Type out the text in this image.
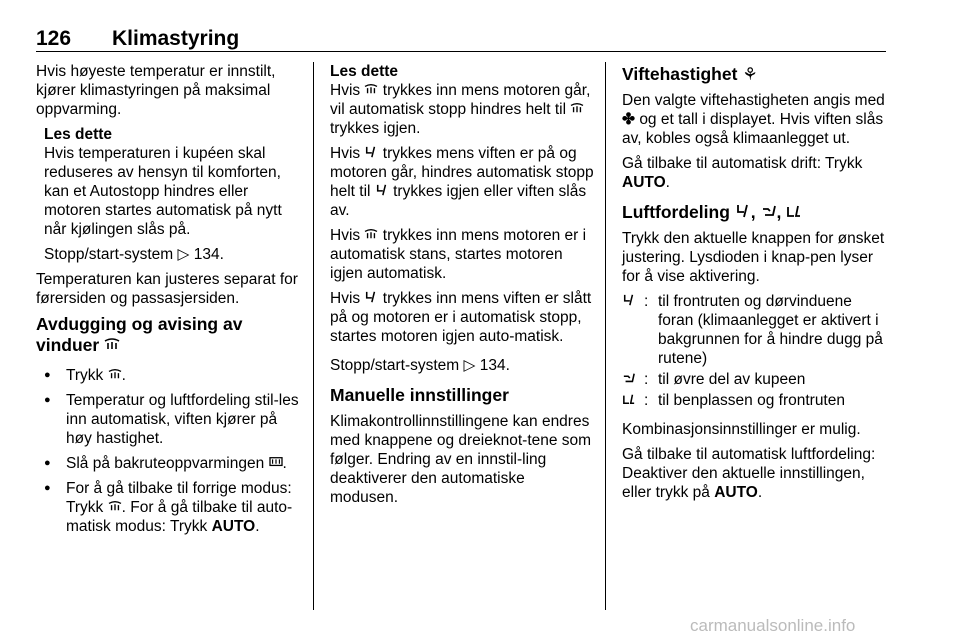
126 Klimastyring

Hvis høyeste temperatur er innstilt, kjører klimastyringen på maksimal oppvarming.

Les dette

Hvis temperaturen i kupéen skal reduseres av hensyn til komforten, kan et Autostopp hindres eller motoren startes automatisk på nytt når kjølingen slås på.

Stopp/start-system ▷ 134.

Temperaturen kan justeres separat for førersiden og passasjersiden.

Avdugging og avising av vinduer
● Trykk .
● Temperatur og luftfordeling stil-les inn automatisk, viften kjører på høy hastighet.
● Slå på bakruteoppvarmingen .
● For å gå tilbake til forrige modus: Trykk . For å gå tilbake til auto-matisk modus: Trykk AUTO.
Les dette

Hvis trykkes inn mens motoren går, vil automatisk stopp hindres helt til  trykkes igjen.

Hvis trykkes mens viften er på og motoren går, hindres automatisk stopp helt til trykkes igjen eller viften slås av.

Hvis trykkes inn mens motoren er i automatisk stans, startes motoren igjen automatisk.

Hvis trykkes inn mens viften er slått på og motoren er i automatisk stopp, startes motoren igjen auto-matisk.

Stopp/start-system ▷ 134.

Manuelle innstillinger

Klimakontrollinnstillingene kan endres med knappene og dreieknot-tene som følger. Endring av en innstil-ling deaktiverer den automatiske modusen.

Viftehastighet ⚘

Den valgte viftehastigheten angis med ✤ og et tall i displayet. Hvis viften slås av, kobles også klimaanlegget ut.

Gå tilbake til automatisk drift: Trykk AUTO.

Luftfordeling , ,

Trykk den aktuelle knappen for ønsket justering. Lysdioden i knap-pen lyser for å vise aktivering.

: til frontruten og dørvinduene foran (klimaanlegget er aktivert i bakgrunnen for å hindre dugg på rutene)
: til øvre del av kupeen
: til benplassen og frontruten

Kombinasjonsinnstillinger er mulig.

Gå tilbake til automatisk luftfordeling: Deaktiver den aktuelle innstillingen, eller trykk på AUTO.

carmanualsonline.info
